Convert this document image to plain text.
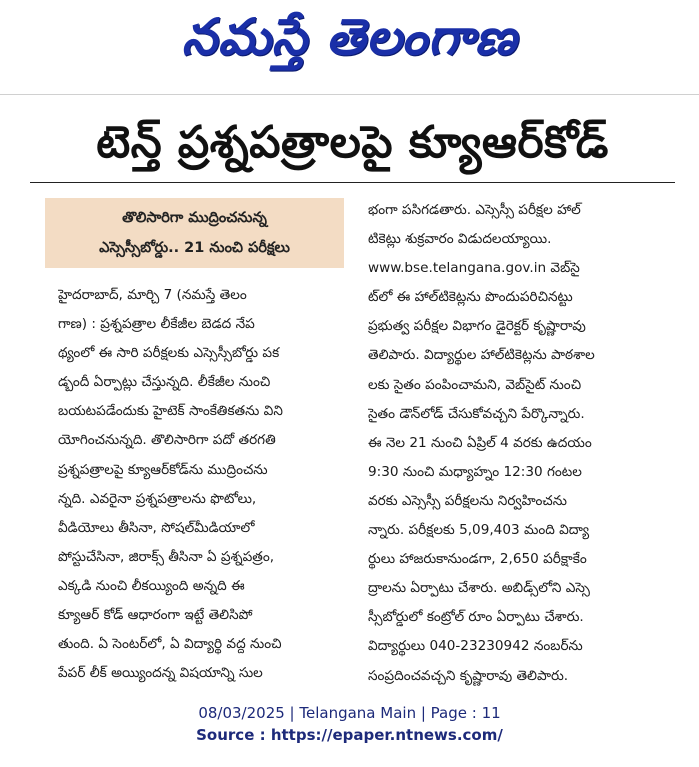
నమస్తే తెలంగాణ
టెన్త్ ప్రశ్నపత్రాలపై క్యూఆర్‌కోడ్
తొలిసారిగా ముద్రించనున్న
ఎస్సెస్సీబోర్డు.. 21 నుంచి పరీక్షలు
హైదరాబాద్, మార్చి 7 (నమస్తే తెలం
గాణ) : ప్రశ్నపత్రాల లీకేజీల బెడద నేప
థ్యంలో ఈ సారి పరీక్షలకు ఎస్సెస్సీబోర్డు పక
డ్బందీ ఏర్పాట్లు చేస్తున్నది. లీకేజీల నుంచి
బయటపడేందుకు హైటెక్ సాంకేతికతను విని
యోగించనున్నది. తొలిసారిగా పదో తరగతి
ప్రశ్నపత్రాలపై క్యూఆర్‌కోడ్‌ను ముద్రించను
న్నది. ఎవరైనా ప్రశ్నపత్రాలను ఫొటోలు,
వీడియోలు తీసినా, సోషల్‌మీడియాలో
పోస్టుచేసినా, జిరాక్స్ తీసినా ఏ ప్రశ్నపత్రం,
ఎక్కడి నుంచి లీకయ్యింది అన్నది ఈ
క్యూఆర్ కోడ్ ఆధారంగా ఇట్టే తెలిసిపో
తుంది. ఏ సెంటర్‌లో, ఏ విద్యార్థి వద్ద నుంచి
పేపర్ లీక్ అయ్యిందన్న విషయాన్ని సుల
భంగా పసిగడతారు. ఎస్సెస్సీ పరీక్షల హాల్
టికెట్లు శుక్రవారం విడుదలయ్యాయి.
www.bse.telangana.gov.in వెబ్‌సై
ట్‌లో ఈ హాల్‌టికెట్లను పొందుపరిచినట్టు
ప్రభుత్వ పరీక్షల విభాగం డైరెక్టర్ కృష్ణారావు
తెలిపారు. విద్యార్థుల హాల్‌టికెట్లను పాఠశాల
లకు సైతం పంపించామని, వెబ్‌సైట్ నుంచి
సైతం డౌన్‌లోడ్ చేసుకోవచ్చని పేర్కొన్నారు.
ఈ నెల 21 నుంచి ఏప్రిల్ 4 వరకు ఉదయం
9:30 నుంచి మధ్యాహ్నం 12:30 గంటల
వరకు ఎస్సెస్సీ పరీక్షలను నిర్వహించను
న్నారు. పరీక్షలకు 5,09,403 మంది విద్యా
ర్థులు హాజరుకానుండగా, 2,650 పరీక్షాకేం
ద్రాలను ఏర్పాటు చేశారు. అబిడ్స్‌లోని ఎస్సె
స్సీబోర్డులో కంట్రోల్ రూం ఏర్పాటు చేశారు.
విద్యార్థులు 040-23230942 నంబర్‌ను
సంప్రదించవచ్చని కృష్ణారావు తెలిపారు.
08/03/2025 | Telangana Main | Page : 11
Source : https://epaper.ntnews.com/
